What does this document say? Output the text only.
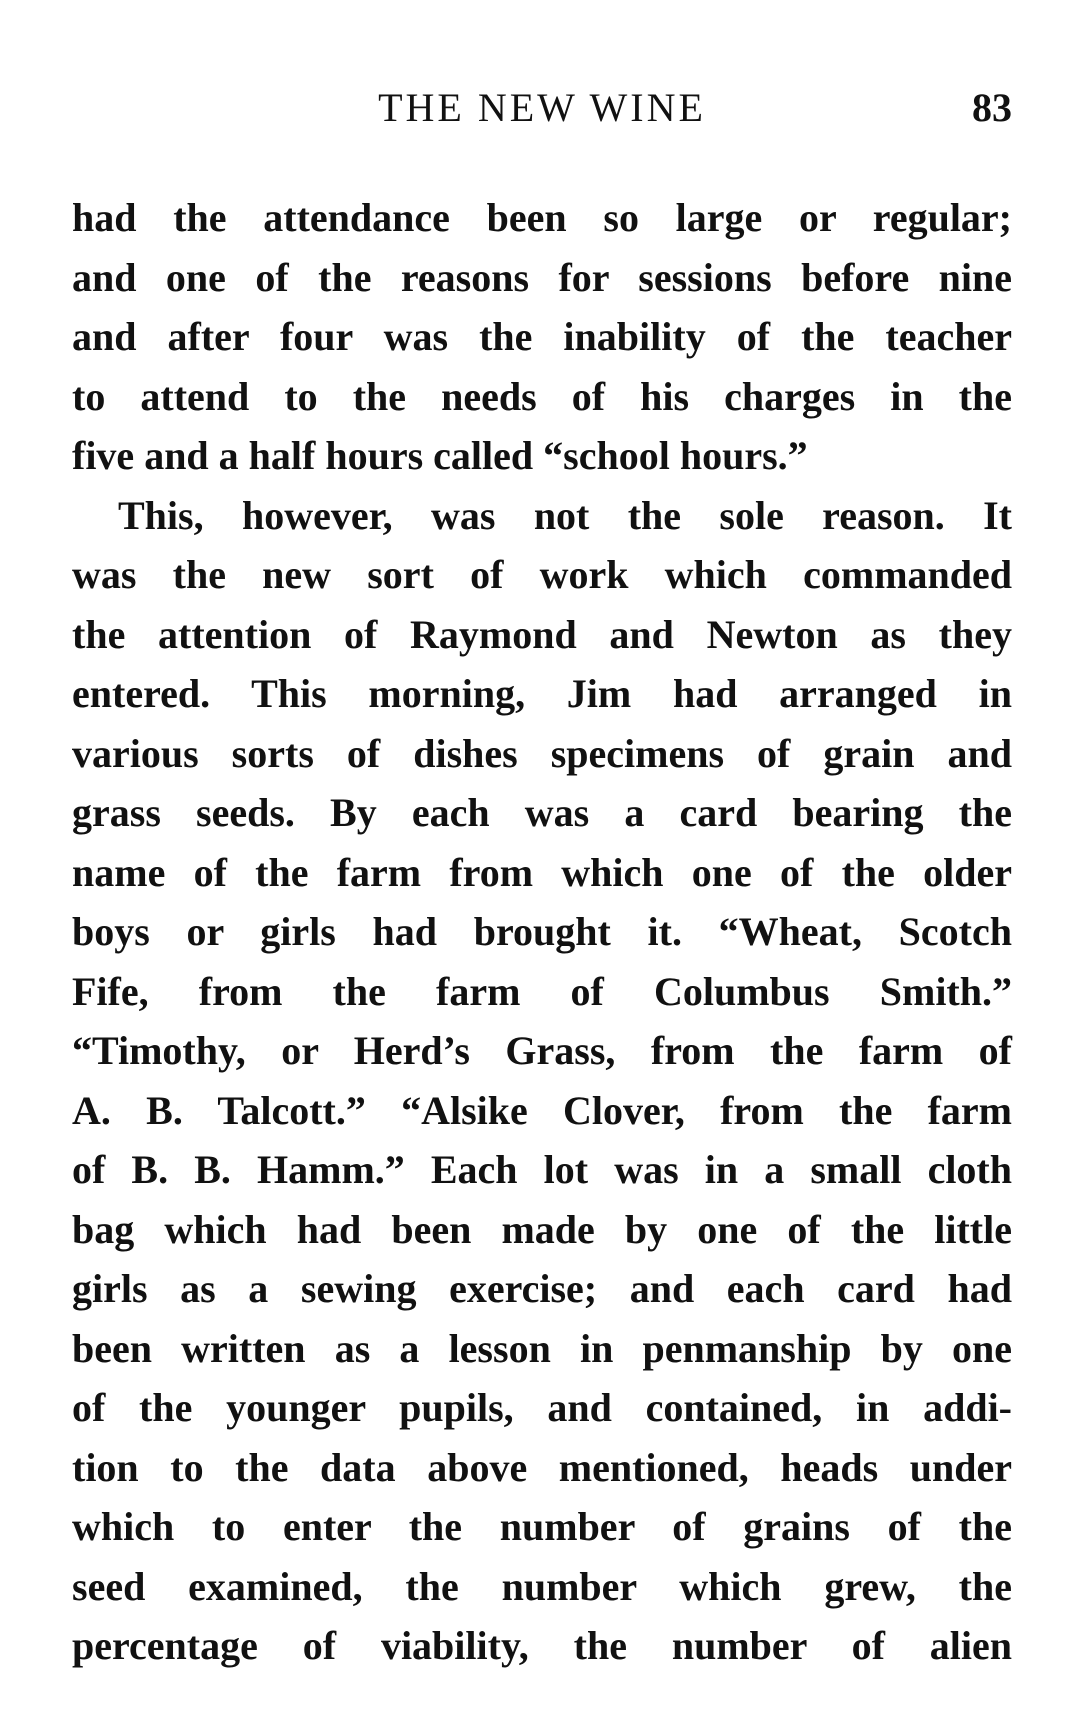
THE NEW WINE	83
had the attendance been so large or regular;
and one of the reasons for sessions before nine
and after four was the inability of the teacher
to attend to the needs of his charges in the
five and a half hours called “school hours.”
This, however, was not the sole reason. It
was the new sort of work which commanded
the attention of Raymond and Newton as they
entered. This morning, Jim had arranged in
various sorts of dishes specimens of grain and
grass seeds. By each was a card bearing the
name of the farm from which one of the older
boys or girls had brought it. “Wheat, Scotch
Fife, from the farm of Columbus Smith.”
“Timothy, or Herd’s Grass, from the farm of
A. B. Talcott.” “Alsike Clover, from the farm
of B. B. Hamm.” Each lot was in a small cloth
bag which had been made by one of the little
girls as a sewing exercise; and each card had
been written as a lesson in penmanship by one
of the younger pupils, and contained, in addi-
tion to the data above mentioned, heads under
which to enter the number of grains of the
seed examined, the number which grew, the
percentage of viability, the number of alien
